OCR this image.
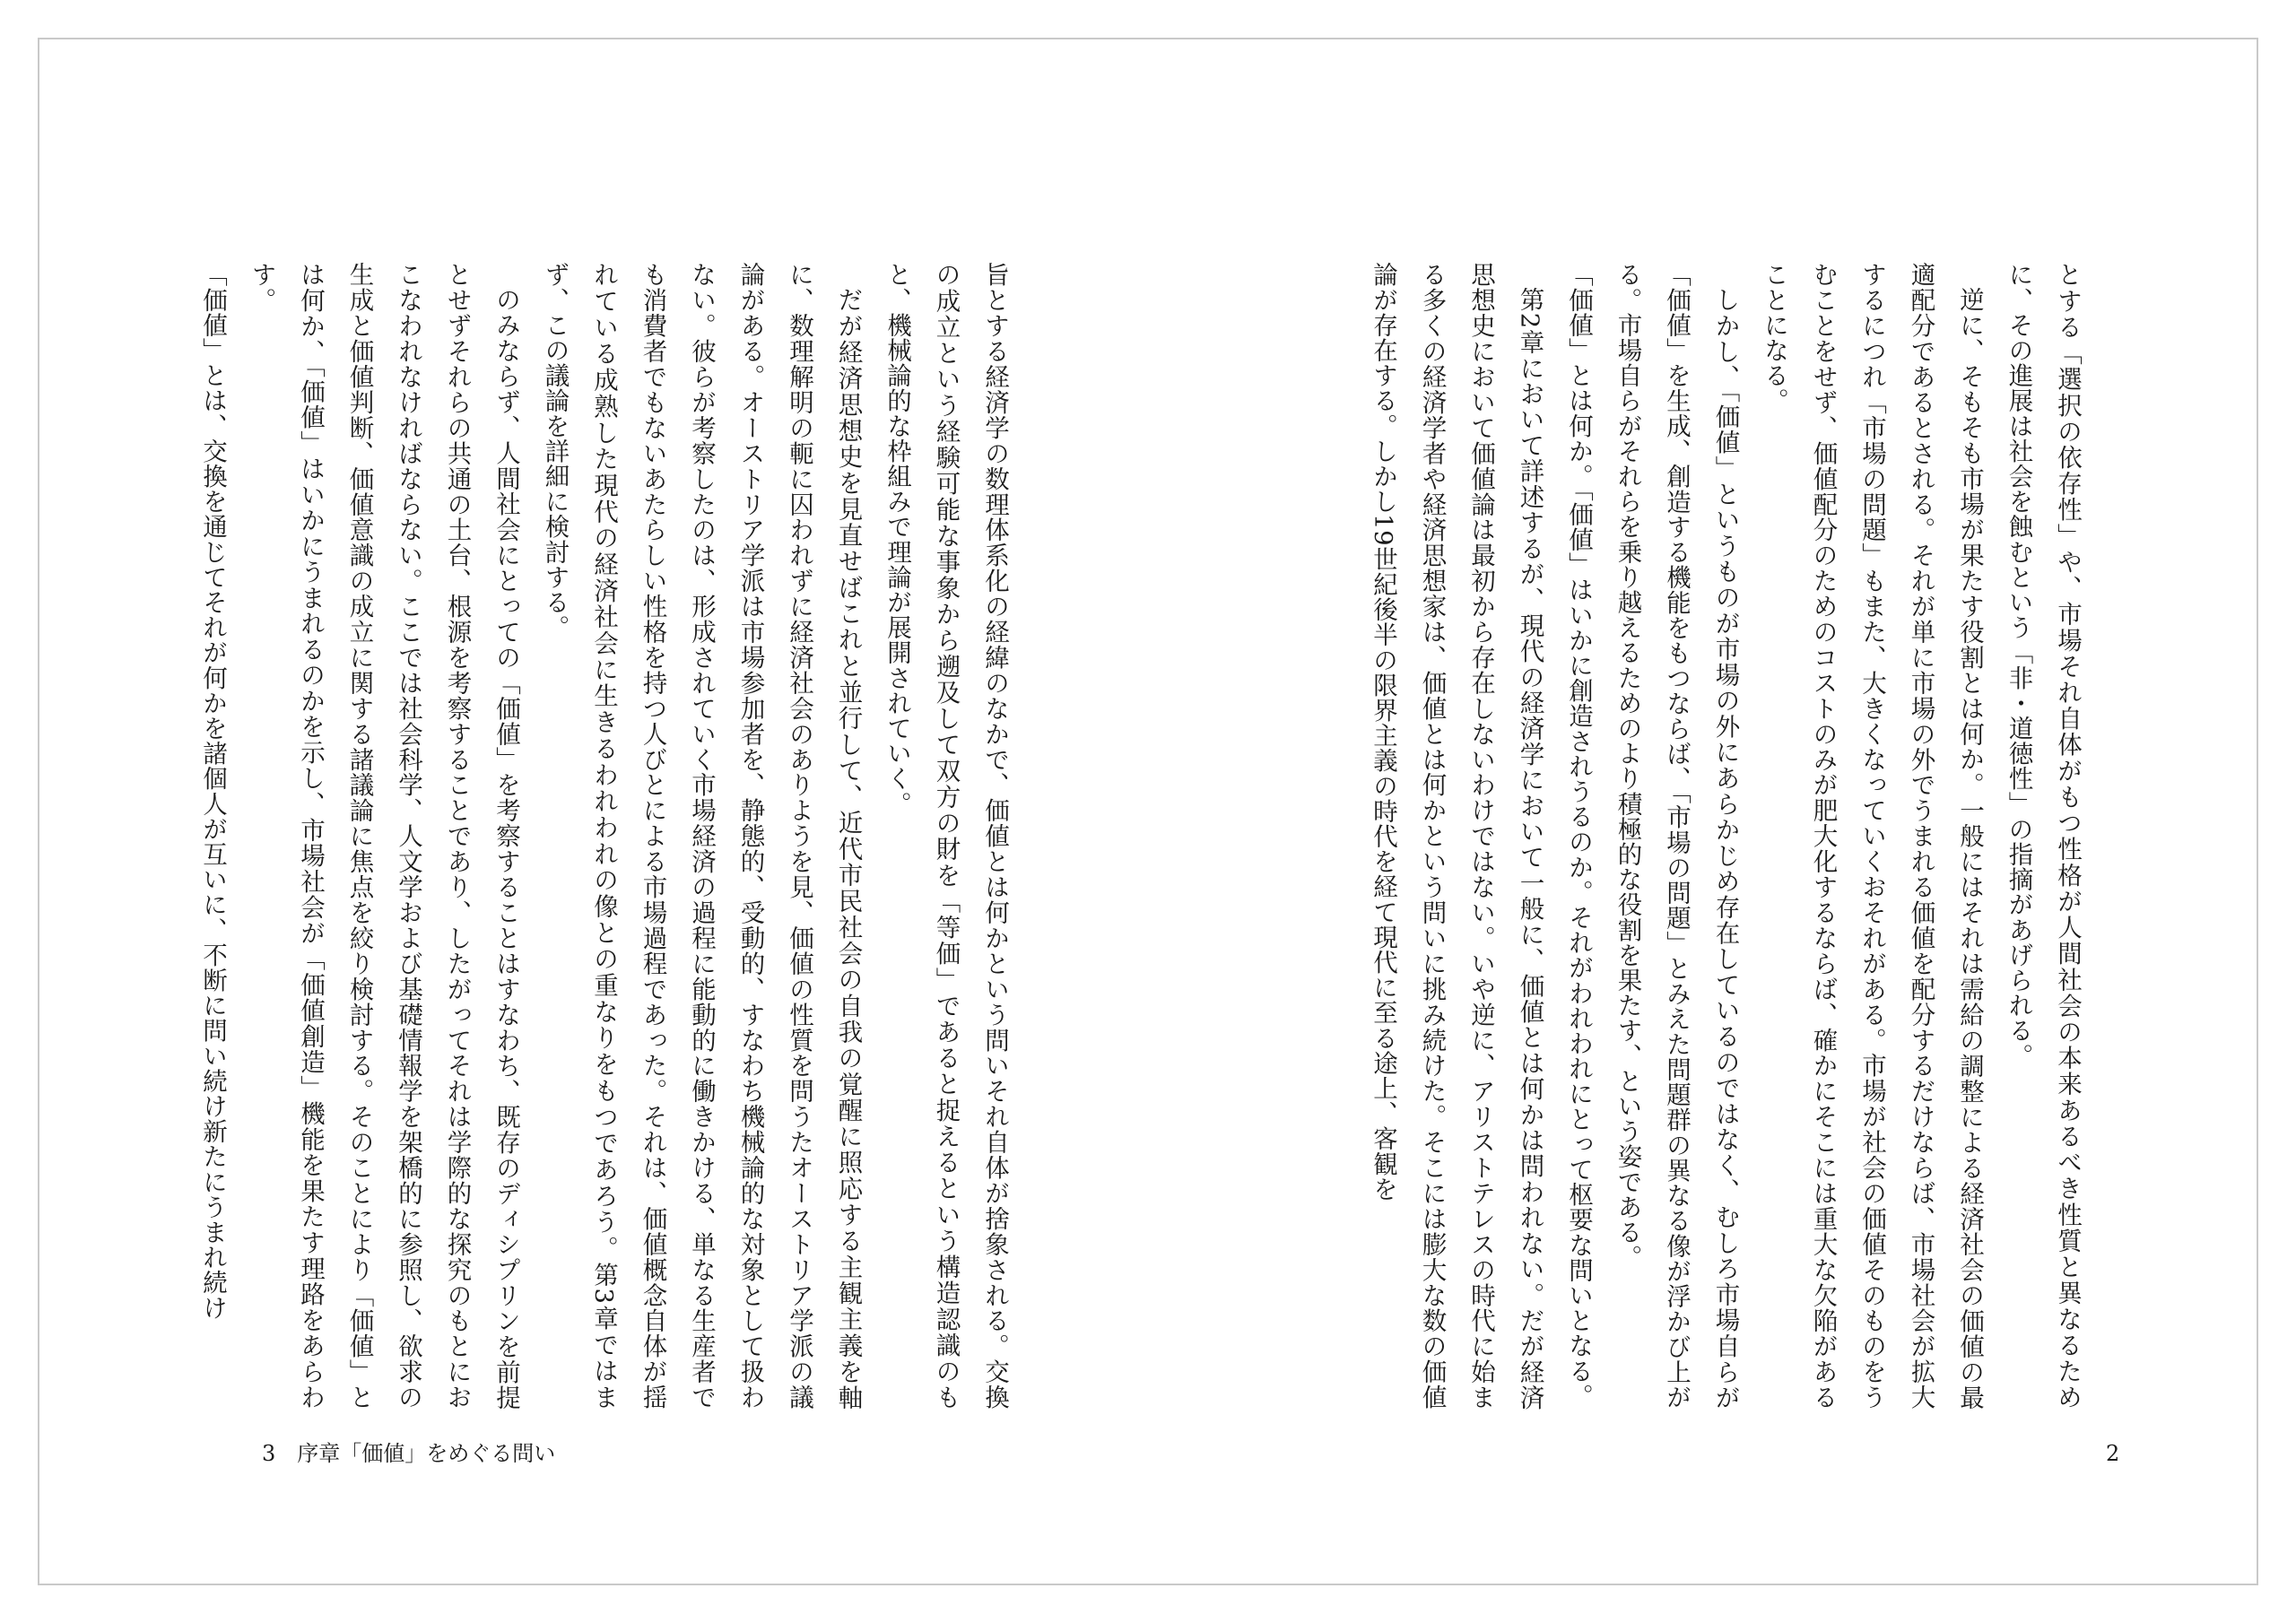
とする「選択の依存性」や、市場それ自体がもつ性格が人間社会の本来あるべき性質と異なるために、その進展は社会を蝕むという「非・道徳性」の指摘があげられる。

逆に、そもそも市場が果たす役割とは何か。一般にはそれは需給の調整による経済社会の価値の最適配分であるとされる。それが単に市場の外でうまれる価値を配分するだけならば、市場社会が拡大するにつれ「市場の問題」もまた、大きくなっていくおそれがある。市場が社会の価値そのものをうむことをせず、価値配分のためのコストのみが肥大化するならば、確かにそこには重大な欠陥があることになる。

しかし、「価値」というものが市場の外にあらかじめ存在しているのではなく、むしろ市場自らが「価値」を生成、創造する機能をもつならば、「市場の問題」とみえた問題群の異なる像が浮かび上がる。市場自らがそれらを乗り越えるためのより積極的な役割を果たす、という姿である。

「価値」とは何か。「価値」はいかに創造されうるのか。それがわれわれにとって枢要な問いとなる。

第2章において詳述するが、現代の経済学において一般に、価値とは何かは問われない。だが経済思想史において価値論は最初から存在しないわけではない。いや逆に、アリストテレスの時代に始まる多くの経済学者や経済思想家は、価値とは何かという問いに挑み続けた。そこには膨大な数の価値論が存在する。しかし19世紀後半の限界主義の時代を経て現代に至る途上、客観を

旨とする経済学の数理体系化の経緯のなかで、価値とは何かという問いそれ自体が捨象される。交換の成立という経験可能な事象から遡及して双方の財を「等価」であると捉えるという構造認識のもと、機械論的な枠組みで理論が展開されていく。

だが経済思想史を見直せばこれと並行して、近代市民社会の自我の覚醒に照応する主観主義を軸に、数理解明の軛に囚われずに経済社会のありようを見、価値の性質を問うたオーストリア学派の議論がある。オーストリア学派は市場参加者を、静態的、受動的、すなわち機械論的な対象として扱わない。彼らが考察したのは、形成されていく市場経済の過程に能動的に働きかける、単なる生産者でも消費者でもないあたらしい性格を持つ人びとによる市場過程であった。それは、価値概念自体が揺れている成熟した現代の経済社会に生きるわれわれの像との重なりをもつであろう。第3章ではまず、この議論を詳細に検討する。

のみならず、人間社会にとっての「価値」を考察することはすなわち、既存のディシプリンを前提とせずそれらの共通の土台、根源を考察することであり、したがってそれは学際的な探究のもとにおこなわれなければならない。ここでは社会科学、人文学および基礎情報学を架橋的に参照し、欲求の生成と価値判断、価値意識の成立に関する諸議論に焦点を絞り検討する。そのことにより「価値」とは何か、「価値」はいかにうまれるのかを示し、市場社会が「価値創造」機能を果たす理路をあらわす。

「価値」とは、交換を通じてそれが何かを諸個人が互いに、不断に問い続け新たにうまれ続け

3　序章「価値」をめぐる問い	2
